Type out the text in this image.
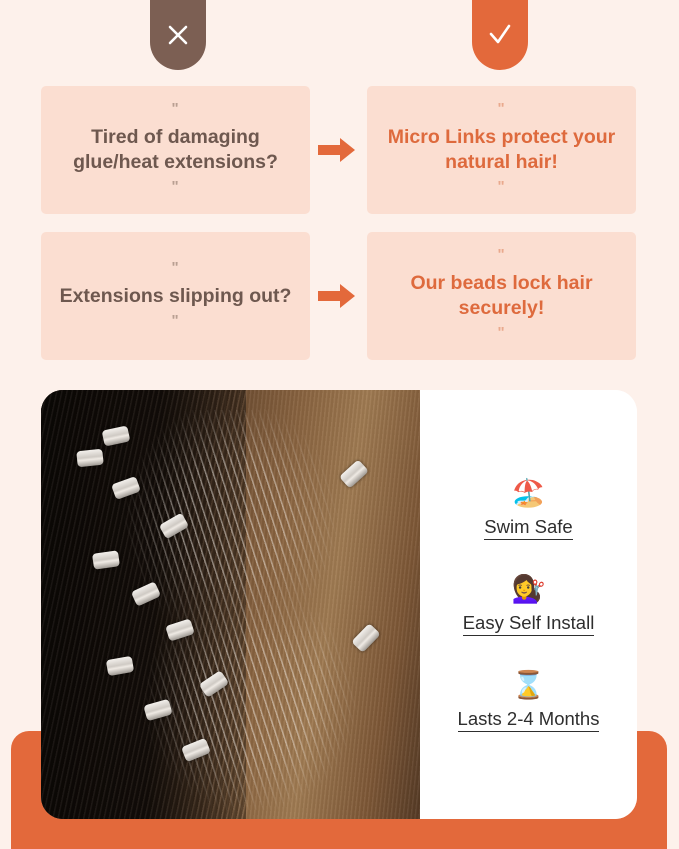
"
Tired of damaging glue/heat extensions?
"
"
Micro Links protect your natural hair!
"
"
Extensions slipping out?
"
"
Our beads lock hair securely!
"
🏖️
Swim Safe
💇‍♀️
Easy Self Install
⌛
Lasts 2-4 Months
